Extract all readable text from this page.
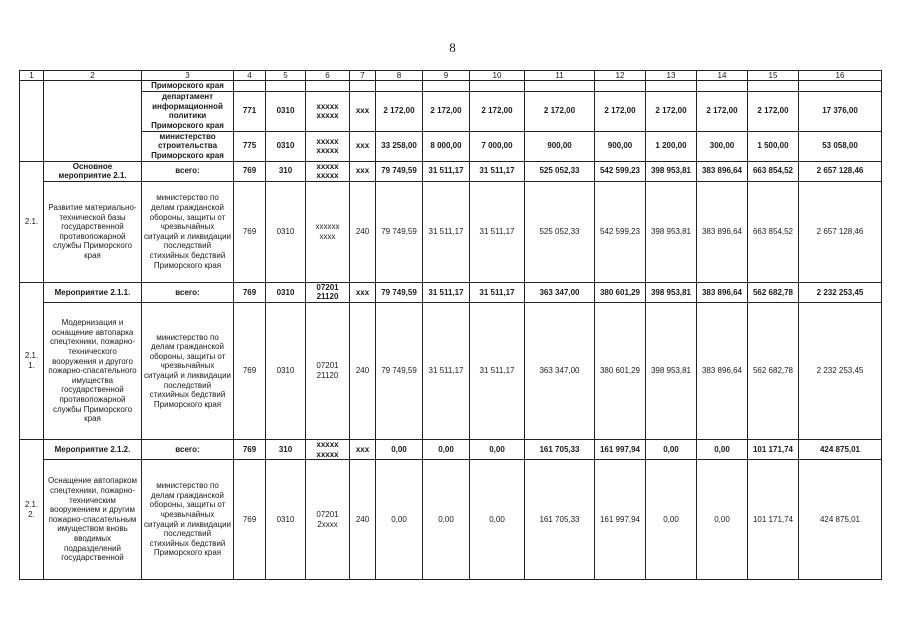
8
1	2	3	4	5	6	7	8	9	10	11	12	13	14	15	16
		Приморского края													
		департамент информационной политики Приморского края	771	0310	xxxxx xxxxx	xxx	2 172,00	2 172,00	2 172,00	2 172,00	2 172,00	2 172,00	2 172,00	2 172,00	17 376,00
		министерство строительства Приморского края	775	0310	xxxxx xxxxx	xxx	33 258,00	8 000,00	7 000,00	900,00	900,00	1 200,00	300,00	1 500,00	53 058,00
2.1.	Основное мероприятие 2.1.	всего:	769	310	xxxxx xxxxx	xxx	79 749,59	31 511,17	31 511,17	525 052,33	542 599,23	398 953,81	383 896,64	663 854,52	2 657 128,46
	Развитие материально-технической базы государственной противопожарной службы Приморского края	министерство по делам гражданской обороны, защиты от чрезвычайных ситуаций и ликвидации последствий стихийных бедствий Приморского края	769	0310	xxxxxx xxxx	240	79 749,59	31 511,17	31 511,17	525 052,33	542 599,23	398 953,81	383 896,64	663 854,52	2 657 128,46
2.1. 1.	Мероприятие 2.1.1.	всего:	769	0310	07201 21120	xxx	79 749,59	31 511,17	31 511,17	363 347,00	380 601,29	398 953,81	383 896,64	562 682,78	2 232 253,45
	Модернизация и оснащение автопарка спецтехники, пожарно-технического вооружения и другого пожарно-спасательного имущества государственной противопожарной службы Приморского края	министерство по делам гражданской обороны, защиты от чрезвычайных ситуаций и ликвидации последствий стихийных бедствий Приморского края	769	0310	07201 21120	240	79 749,59	31 511,17	31 511,17	363 347,00	380 601,29	398 953,81	383 896,64	562 682,78	2 232 253,45
2.1. 2.	Мероприятие 2.1.2.	всего:	769	310	xxxxx xxxxx	xxx	0,00	0,00	0,00	161 705,33	161 997,94	0,00	0,00	101 171,74	424 875,01
	Оснащение автопарком спецтехники, пожарно-техническим вооружением и другим пожарно-спасательным имуществом вновь вводимых подразделений государственной	министерство по делам гражданской обороны, защиты от чрезвычайных ситуаций и ликвидации последствий стихийных бедствий Приморского края	769	0310	07201 2xxxx	240	0,00	0,00	0,00	161 705,33	161 997,94	0,00	0,00	101 171,74	424 875,01
